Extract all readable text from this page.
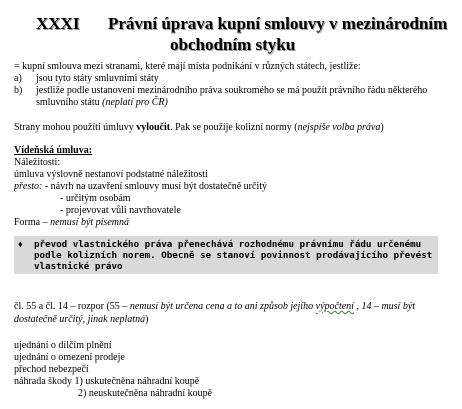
XXXI Právní úprava kupní smlouvy v mezinárodním
obchodním styku
= kupní smlouva mezi stranami, které mají místa podnikání v různých státech, jestliže:
a) jsou tyto státy smluvními státy
b) jestliže podle ustanovení mezinárodního práva soukromého se má použít právního řádu některého
smluvního státu (neplatí pro ČR)
Strany mohou použítí úmluvy vyloučit. Pak se použije kolizní normy (nejspíše volba práva)
Vídeňská úmluva:
Náležitosti:
úmluva výslovně nestanoví podstatné náležitosti
přesto: - návrh na uzavření smlouvy musí být dostatečně určitý
- určitým osobám
- projevovat vůli navrhovatele
Forma – nemusí být písemná
♦ převod vlastnického práva přenechává rozhodnému právnímu řádu určenému
podle kolizních norem. Obecně se stanoví povinnost prodávajícího převést
vlastnické právo
čl. 55 a čl. 14 – rozpor (55 – nemusí být určena cena a to ani způsob jejího výpočtení , 14 – musí být
dostatečně určitý, jinak neplatná)
ujednání o dílčím plnění
ujednání o omezení prodeje
přechod nebezpečí
náhrada škody 1) uskutečněna náhradní koupě
2) neuskutečněna náhradní koupě
